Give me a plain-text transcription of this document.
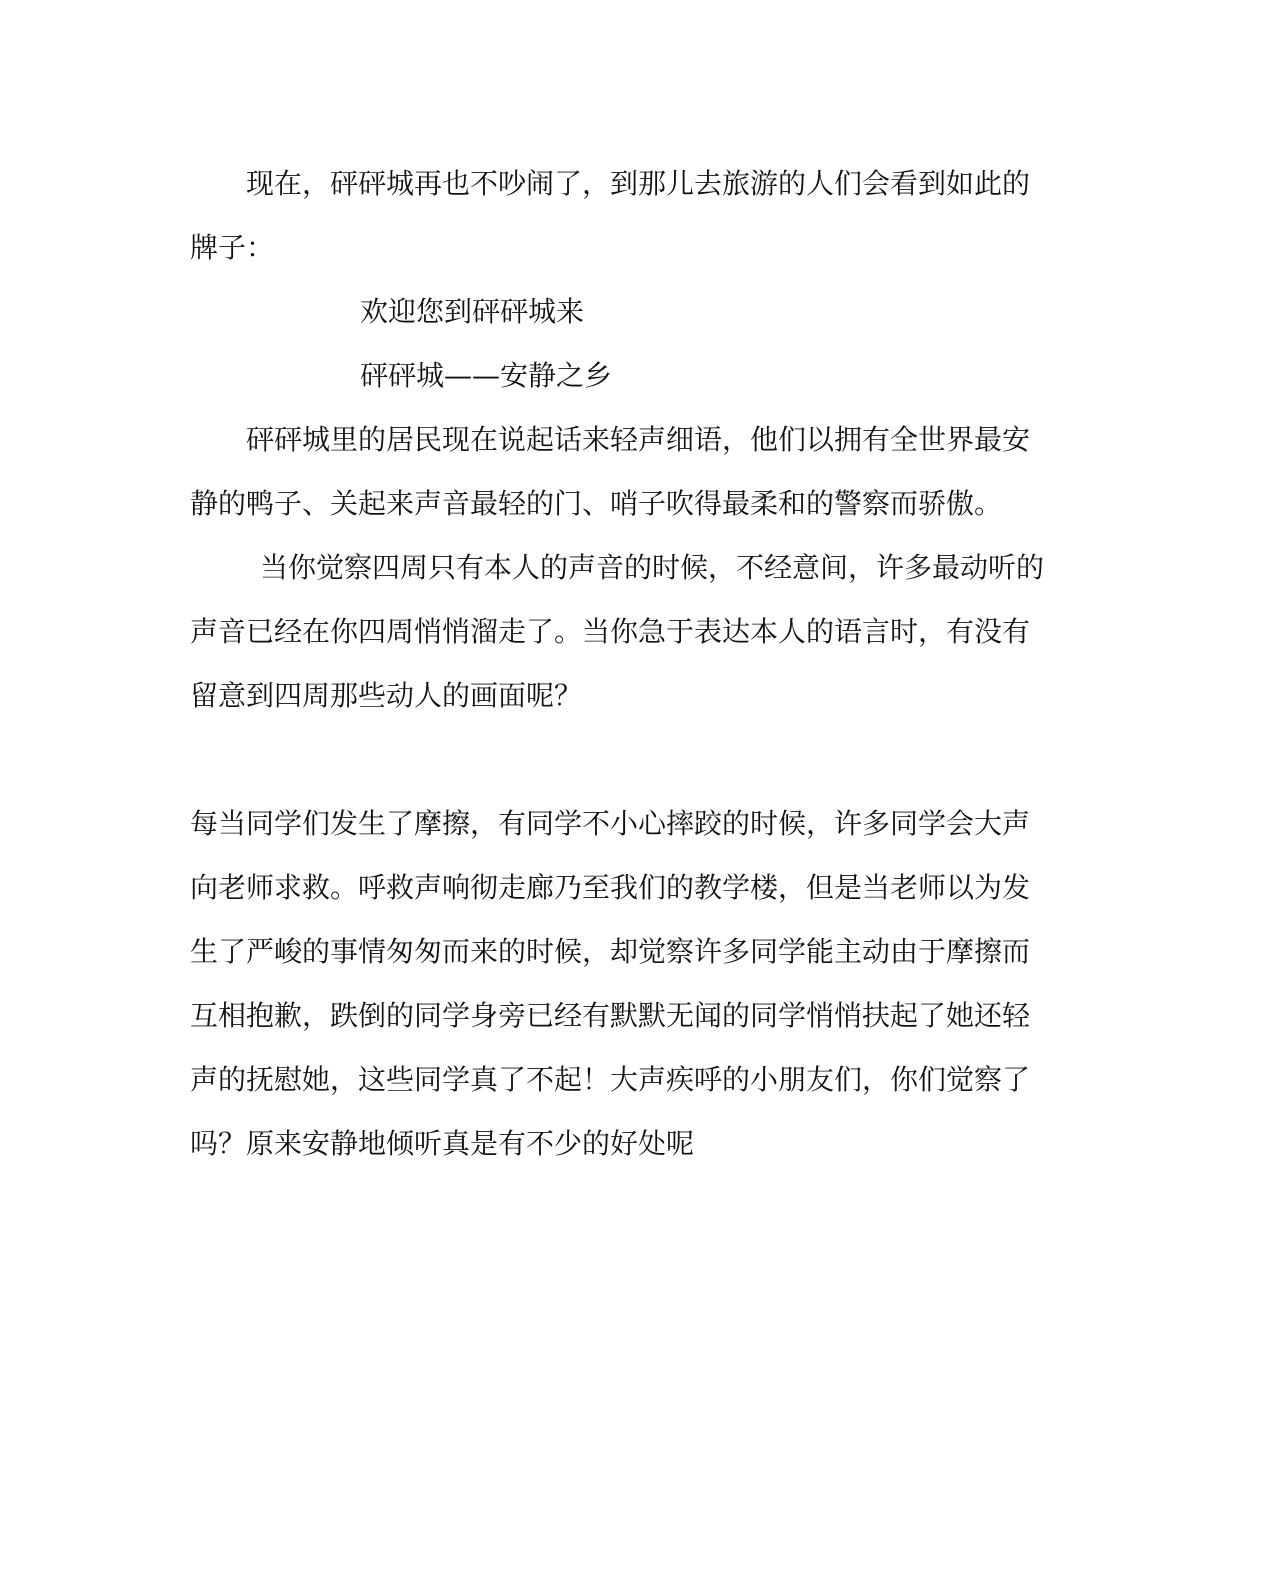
现在，砰砰城再也不吵闹了，到那儿去旅游的人们会看到如此的

牌子：

欢迎您到砰砰城来

砰砰城——安静之乡

砰砰城里的居民现在说起话来轻声细语，他们以拥有全世界最安

静的鸭子、关起来声音最轻的门、哨子吹得最柔和的警察而骄傲。

当你觉察四周只有本人的声音的时候，不经意间，许多最动听的

声音已经在你四周悄悄溜走了。当你急于表达本人的语言时，有没有

留意到四周那些动人的画面呢？

每当同学们发生了摩擦，有同学不小心摔跤的时候，许多同学会大声

向老师求救。呼救声响彻走廊乃至我们的教学楼，但是当老师以为发

生了严峻的事情匆匆而来的时候，却觉察许多同学能主动由于摩擦而

互相抱歉，跌倒的同学身旁已经有默默无闻的同学悄悄扶起了她还轻

声的抚慰她，这些同学真了不起！大声疾呼的小朋友们，你们觉察了

吗？原来安静地倾听真是有不少的好处呢
